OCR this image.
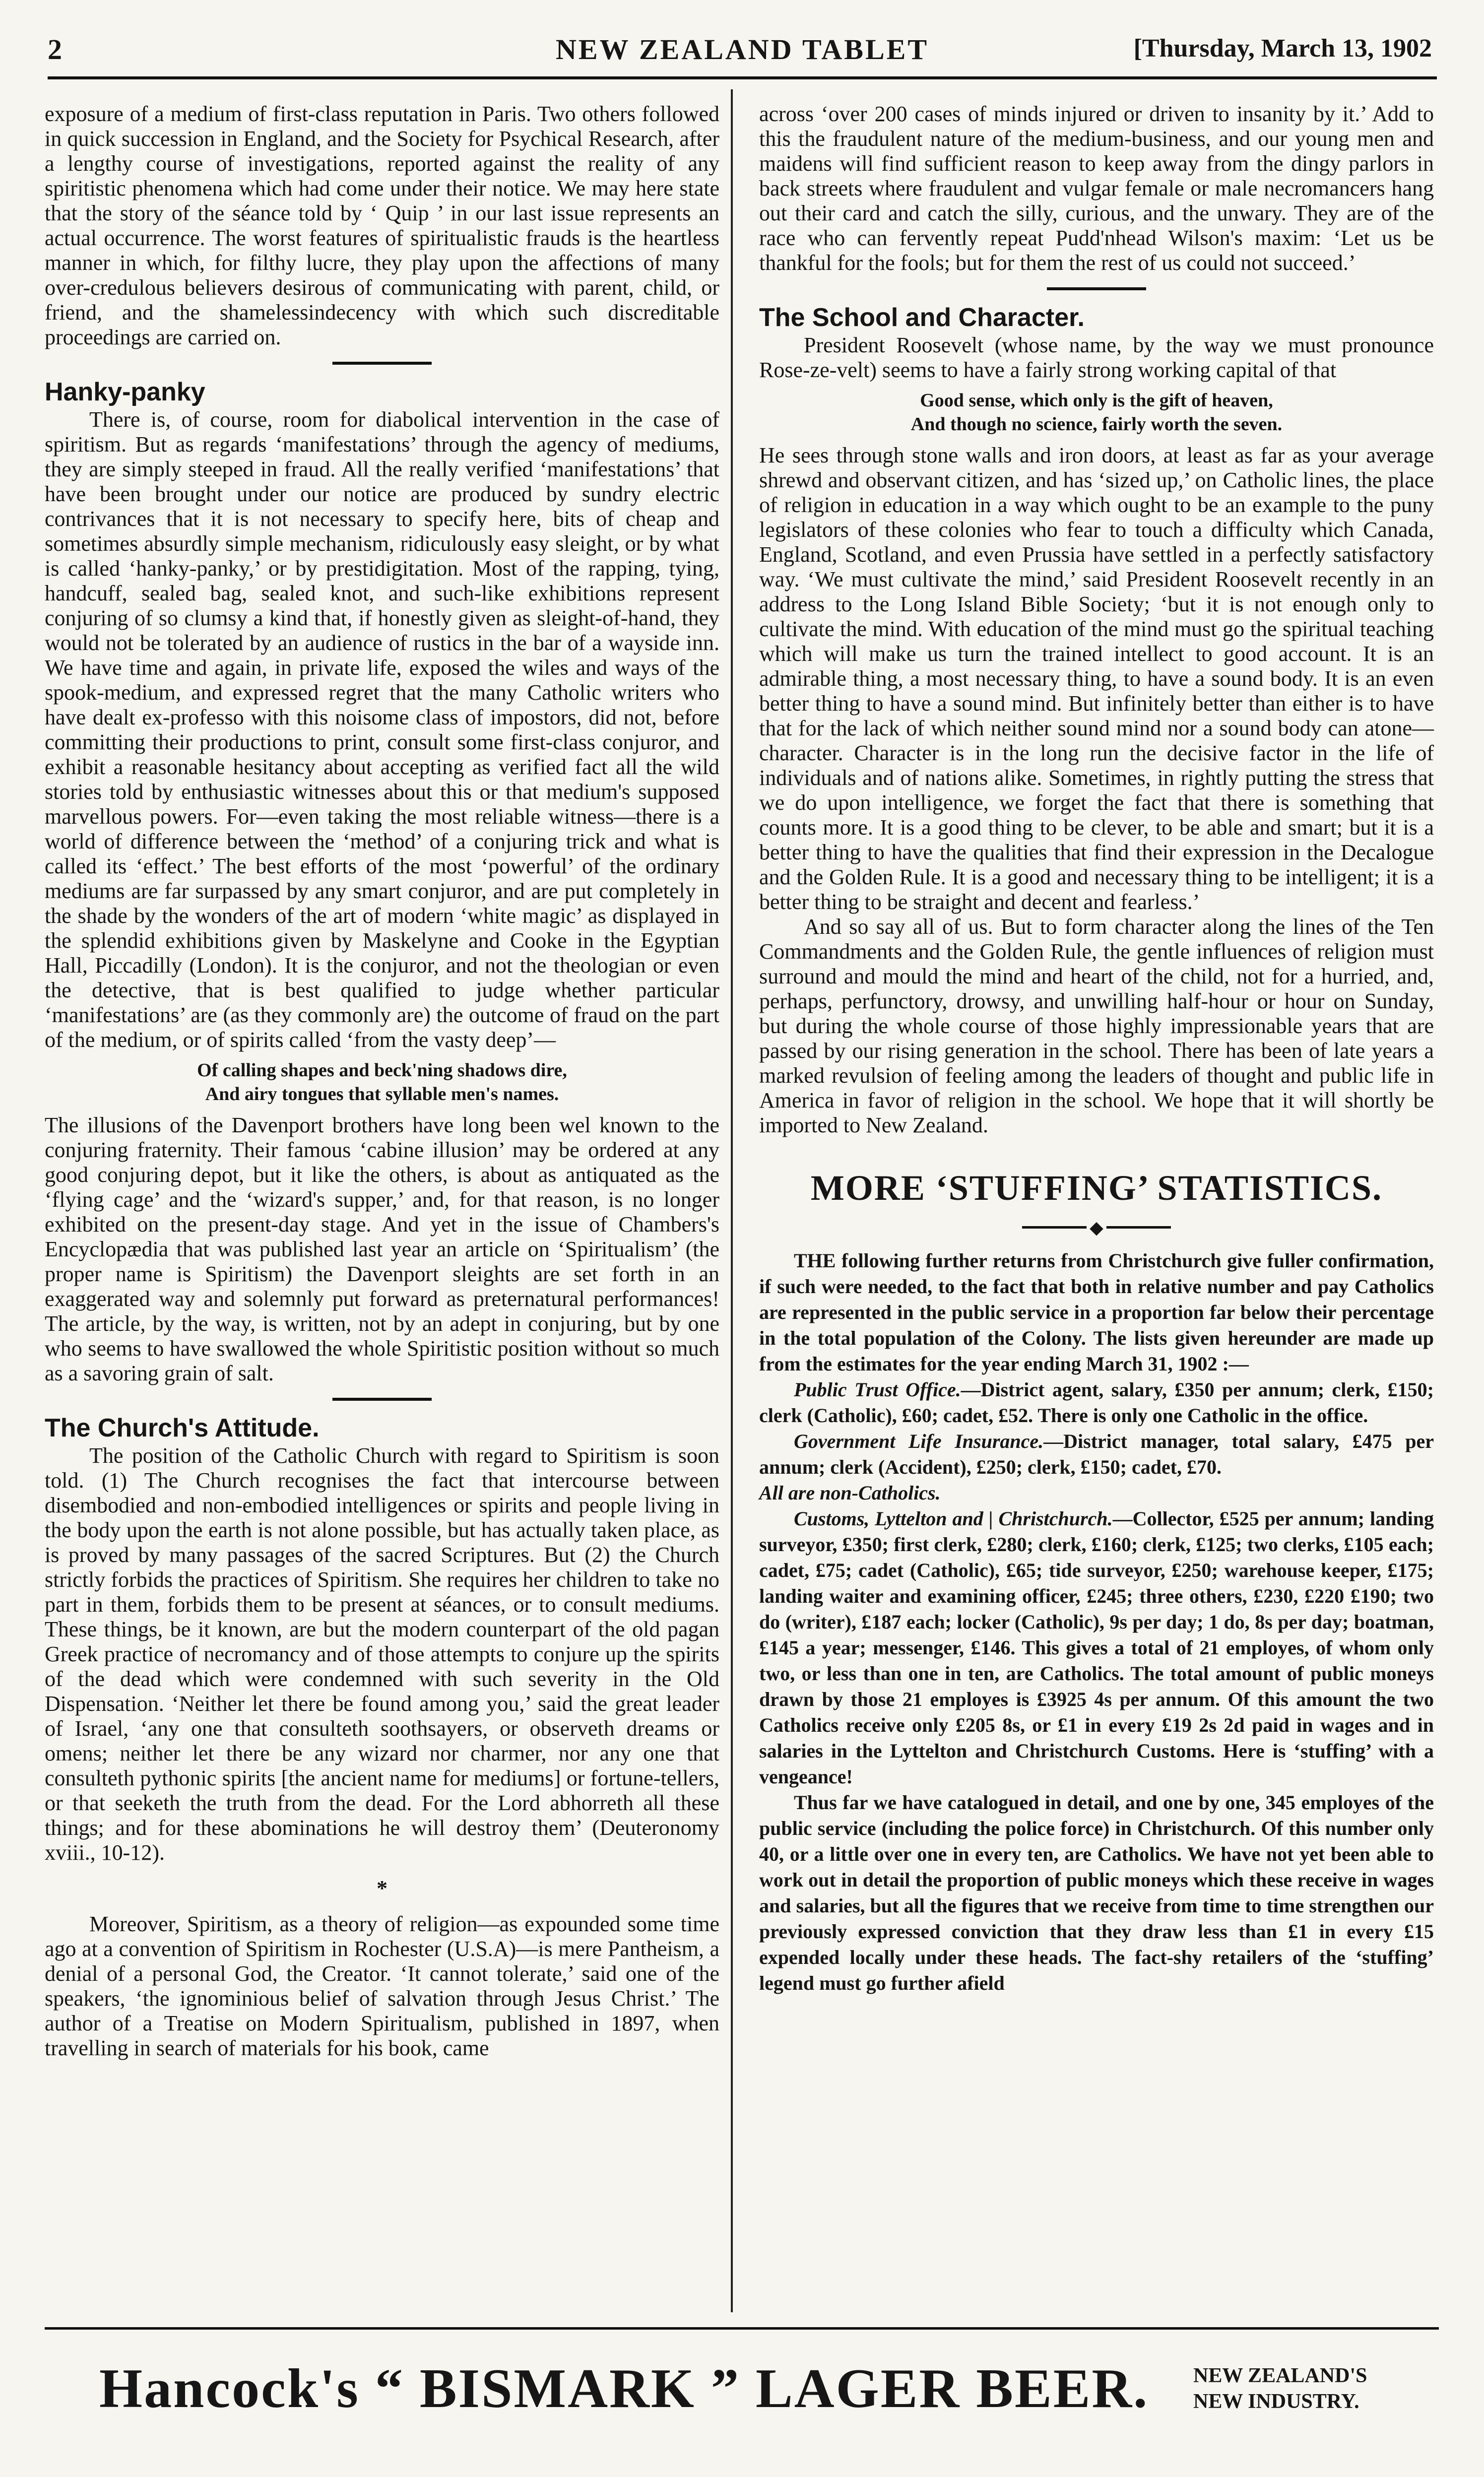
2	NEW ZEALAND TABLET	[Thursday, March 13, 1902

exposure of a medium of first-class reputation in Paris. Two others followed in quick succession in England, and the Society for Psychical Research, after a lengthy course of investigations, reported against the reality of any spiritistic phenomena which had come under their notice. We may here state that the story of the séance told by ‘ Quip ’ in our last issue represents an actual occurrence. The worst features of spiritualistic frauds is the heartless manner in which, for filthy lucre, they play upon the affections of many over-credulous believers desirous of communicating with parent, child, or friend, and the shamelessindecency with which such discreditable proceedings are carried on.

Hanky-panky

There is, of course, room for diabolical intervention in the case of spiritism. But as regards ‘manifestations’ through the agency of mediums, they are simply steeped in fraud. All the really verified ‘manifestations’ that have been brought under our notice are produced by sundry electric contrivances that it is not necessary to specify here, bits of cheap and sometimes absurdly simple mechanism, ridiculously easy sleight, or by what is called ‘hanky-panky,’ or by prestidigitation. Most of the rapping, tying, handcuff, sealed bag, sealed knot, and such-like exhibitions represent conjuring of so clumsy a kind that, if honestly given as sleight-of-hand, they would not be tolerated by an audience of rustics in the bar of a wayside inn. We have time and again, in private life, exposed the wiles and ways of the spook-medium, and expressed regret that the many Catholic writers who have dealt ex-professo with this noisome class of impostors, did not, before committing their productions to print, consult some first-class conjuror, and exhibit a reasonable hesitancy about accepting as verified fact all the wild stories told by enthusiastic witnesses about this or that medium's supposed marvellous powers. For—even taking the most reliable witness—there is a world of difference between the ‘method’ of a conjuring trick and what is called its ‘effect.’ The best efforts of the most ‘powerful’ of the ordinary mediums are far surpassed by any smart conjuror, and are put completely in the shade by the wonders of the art of modern ‘white magic’ as displayed in the splendid exhibitions given by Maskelyne and Cooke in the Egyptian Hall, Piccadilly (London). It is the conjuror, and not the theologian or even the detective, that is best qualified to judge whether particular ‘manifestations’ are (as they commonly are) the outcome of fraud on the part of the medium, or of spirits called ‘from the vasty deep’—

Of calling shapes and beck'ning shadows dire,
And airy tongues that syllable men's names.

The illusions of the Davenport brothers have long been wel known to the conjuring fraternity. Their famous ‘cabine illusion’ may be ordered at any good conjuring depot, but it like the others, is about as antiquated as the ‘flying cage’ and the ‘wizard's supper,’ and, for that reason, is no longer exhibited on the present-day stage. And yet in the issue of Chambers's Encyclopædia that was published last year an article on ‘Spiritualism’ (the proper name is Spiritism) the Davenport sleights are set forth in an exaggerated way and solemnly put forward as preternatural performances! The article, by the way, is written, not by an adept in conjuring, but by one who seems to have swallowed the whole Spiritistic position without so much as a savoring grain of salt.

The Church's Attitude.

The position of the Catholic Church with regard to Spiritism is soon told. (1) The Church recognises the fact that intercourse between disembodied and non-embodied intelligences or spirits and people living in the body upon the earth is not alone possible, but has actually taken place, as is proved by many passages of the sacred Scriptures. But (2) the Church strictly forbids the practices of Spiritism. She requires her children to take no part in them, forbids them to be present at séances, or to consult mediums. These things, be it known, are but the modern counterpart of the old pagan Greek practice of necromancy and of those attempts to conjure up the spirits of the dead which were condemned with such severity in the Old Dispensation. ‘Neither let there be found among you,’ said the great leader of Israel, ‘any one that consulteth soothsayers, or observeth dreams or omens; neither let there be any wizard nor charmer, nor any one that consulteth pythonic spirits [the ancient name for mediums] or fortune-tellers, or that seeketh the truth from the dead. For the Lord abhorreth all these things; and for these abominations he will destroy them’ (Deuteronomy xviii., 10-12).

*

Moreover, Spiritism, as a theory of religion—as expounded some time ago at a convention of Spiritism in Rochester (U.S.A)—is mere Pantheism, a denial of a personal God, the Creator. ‘It cannot tolerate,’ said one of the speakers, ‘the ignominious belief of salvation through Jesus Christ.’ The author of a Treatise on Modern Spiritualism, published in 1897, when travelling in search of materials for his book, came

across ‘over 200 cases of minds injured or driven to insanity by it.’ Add to this the fraudulent nature of the medium-business, and our young men and maidens will find sufficient reason to keep away from the dingy parlors in back streets where fraudulent and vulgar female or male necromancers hang out their card and catch the silly, curious, and the unwary. They are of the race who can fervently repeat Pudd'nhead Wilson's maxim: ‘Let us be thankful for the fools; but for them the rest of us could not succeed.’

The School and Character.

President Roosevelt (whose name, by the way we must pronounce Rose-ze-velt) seems to have a fairly strong working capital of that

Good sense, which only is the gift of heaven,
And though no science, fairly worth the seven.

He sees through stone walls and iron doors, at least as far as your average shrewd and observant citizen, and has ‘sized up,’ on Catholic lines, the place of religion in education in a way which ought to be an example to the puny legislators of these colonies who fear to touch a difficulty which Canada, England, Scotland, and even Prussia have settled in a perfectly satisfactory way. ‘We must cultivate the mind,’ said President Roosevelt recently in an address to the Long Island Bible Society; ‘but it is not enough only to cultivate the mind. With education of the mind must go the spiritual teaching which will make us turn the trained intellect to good account. It is an admirable thing, a most necessary thing, to have a sound body. It is an even better thing to have a sound mind. But infinitely better than either is to have that for the lack of which neither sound mind nor a sound body can atone—character. Character is in the long run the decisive factor in the life of individuals and of nations alike. Sometimes, in rightly putting the stress that we do upon intelligence, we forget the fact that there is something that counts more. It is a good thing to be clever, to be able and smart; but it is a better thing to have the qualities that find their expression in the Decalogue and the Golden Rule. It is a good and necessary thing to be intelligent; it is a better thing to be straight and decent and fearless.’

And so say all of us. But to form character along the lines of the Ten Commandments and the Golden Rule, the gentle influences of religion must surround and mould the mind and heart of the child, not for a hurried, and, perhaps, perfunctory, drowsy, and unwilling half-hour or hour on Sunday, but during the whole course of those highly impressionable years that are passed by our rising generation in the school. There has been of late years a marked revulsion of feeling among the leaders of thought and public life in America in favor of religion in the school. We hope that it will shortly be imported to New Zealand.

MORE ‘STUFFING’ STATISTICS.
◆

THE following further returns from Christchurch give fuller confirmation, if such were needed, to the fact that both in relative number and pay Catholics are represented in the public service in a proportion far below their percentage in the total population of the Colony. The lists given hereunder are made up from the estimates for the year ending March 31, 1902 :—

Public Trust Office.—District agent, salary, £350 per annum; clerk, £150; clerk (Catholic), £60; cadet, £52. There is only one Catholic in the office.

Government Life Insurance.—District manager, total salary, £475 per annum; clerk (Accident), £250; clerk, £150; cadet, £70.

All are non-Catholics.

Customs, Lyttelton and | Christchurch.—Collector, £525 per annum; landing surveyor, £350; first clerk, £280; clerk, £160; clerk, £125; two clerks, £105 each; cadet, £75; cadet (Catholic), £65; tide surveyor, £250; warehouse keeper, £175; landing waiter and examining officer, £245; three others, £230, £220 £190; two do (writer), £187 each; locker (Catholic), 9s per day; 1 do, 8s per day; boatman, £145 a year; messenger, £146. This gives a total of 21 employes, of whom only two, or less than one in ten, are Catholics. The total amount of public moneys drawn by those 21 employes is £3925 4s per annum. Of this amount the two Catholics receive only £205 8s, or £1 in every £19 2s 2d paid in wages and in salaries in the Lyttelton and Christchurch Customs. Here is ‘stuffing’ with a vengeance!

Thus far we have catalogued in detail, and one by one, 345 employes of the public service (including the police force) in Christchurch. Of this number only 40, or a little over one in every ten, are Catholics. We have not yet been able to work out in detail the proportion of public moneys which these receive in wages and salaries, but all the figures that we receive from time to time strengthen our previously expressed conviction that they draw less than £1 in every £15 expended locally under these heads. The fact-shy retailers of the ‘stuffing’ legend must go further afield

Hancock's “ BISMARK ” LAGER BEER. NEW ZEALAND'S
NEW INDUSTRY.
